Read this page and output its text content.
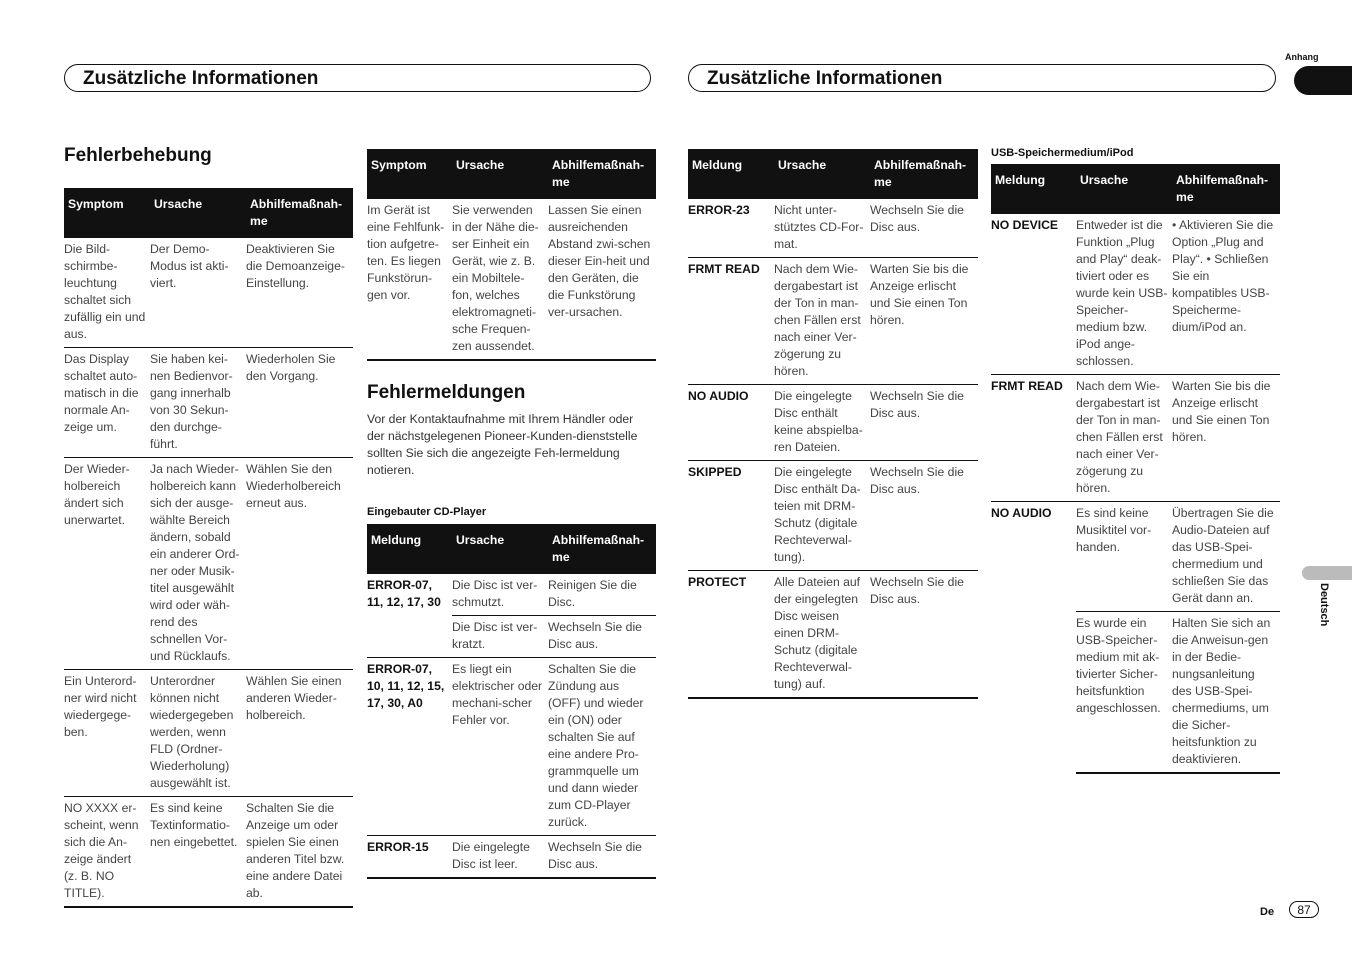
Zusätzliche Informationen	Zusätzliche Informationen
Anhang
Deutsch
Fehlerbehebung
Symptom	Ursache	Abhilfemaßnah-me
Die Bild-schirmbe-leuchtung schaltet sich zufällig ein und aus.	Der Demo-Modus ist akti-viert.	Deaktivieren Sie die Demoanzeige-Einstellung.
Das Display schaltet auto-matisch in die normale An-zeige um.	Sie haben kei-nen Bedienvor-gang innerhalb von 30 Sekun-den durchge-führt.	Wiederholen Sie den Vorgang.
Der Wieder-holbereich ändert sich unerwartet.	Ja nach Wieder-holbereich kann sich der ausge-wählte Bereich ändern, sobald ein anderer Ord-ner oder Musik-titel ausgewählt wird oder wäh-rend des schnellen Vor- und Rücklaufs.	Wählen Sie den Wiederholbereich erneut aus.
Ein Unterord-ner wird nicht wiedergege-ben.	Unterordner können nicht wiedergegeben werden, wenn FLD (Ordner-Wiederholung) ausgewählt ist.	Wählen Sie einen anderen Wieder-holbereich.
NO XXXX er-scheint, wenn sich die An-zeige ändert (z. B. NO TITLE).	Es sind keine Textinformatio-nen eingebettet.	Schalten Sie die Anzeige um oder spielen Sie einen anderen Titel bzw. eine andere Datei ab.
Symptom	Ursache	Abhilfemaßnah-me
Im Gerät ist eine Fehlfunk-tion aufgetre-ten. Es liegen Funkstörun-gen vor.	Sie verwenden in der Nähe die-ser Einheit ein Gerät, wie z. B. ein Mobiltele-fon, welches elektromagneti-sche Frequen-zen aussendet.	Lassen Sie einen ausreichenden Abstand zwi-schen dieser Ein-heit und den Geräten, die die Funkstörung ver-ursachen.
Fehlermeldungen
Vor der Kontaktaufnahme mit Ihrem Händler oder der nächstgelegenen Pioneer-Kunden-dienststelle sollten Sie sich die angezeigte Feh-lermeldung notieren.
Eingebauter CD-Player
Meldung	Ursache	Abhilfemaßnah-me
ERROR-07, 11, 12, 17, 30	Die Disc ist ver-schmutzt.	Reinigen Sie die Disc.
	Die Disc ist ver-kratzt.	Wechseln Sie die Disc aus.
ERROR-07, 10, 11, 12, 15, 17, 30, A0	Es liegt ein elektrischer oder mechani-scher Fehler vor.	Schalten Sie die Zündung aus (OFF) und wieder ein (ON) oder schalten Sie auf eine andere Pro-grammquelle um und dann wieder zum CD-Player zurück.
ERROR-15	Die eingelegte Disc ist leer.	Wechseln Sie die Disc aus.
Meldung	Ursache	Abhilfemaßnah-me
ERROR-23	Nicht unter-stütztes CD-For-mat.	Wechseln Sie die Disc aus.
FRMT READ	Nach dem Wie-dergabestart ist der Ton in man-chen Fällen erst nach einer Ver-zögerung zu hören.	Warten Sie bis die Anzeige erlischt und Sie einen Ton hören.
NO AUDIO	Die eingelegte Disc enthält keine abspielba-ren Dateien.	Wechseln Sie die Disc aus.
SKIPPED	Die eingelegte Disc enthält Da-teien mit DRM-Schutz (digitale Rechteverwal-tung).	Wechseln Sie die Disc aus.
PROTECT	Alle Dateien auf der eingelegten Disc weisen einen DRM-Schutz (digitale Rechteverwal-tung) auf.	Wechseln Sie die Disc aus.
USB-Speichermedium/iPod
Meldung	Ursache	Abhilfemaßnah-me
NO DEVICE	Entweder ist die Funktion „Plug and Play“ deak-tiviert oder es wurde kein USB-Speicher-medium bzw. iPod ange-schlossen.	• Aktivieren Sie die Option „Plug and Play“. • Schließen Sie ein kompatibles USB-Speicherme-dium/iPod an.
FRMT READ	Nach dem Wie-dergabestart ist der Ton in man-chen Fällen erst nach einer Ver-zögerung zu hören.	Warten Sie bis die Anzeige erlischt und Sie einen Ton hören.
NO AUDIO	Es sind keine Musiktitel vor-handen.	Übertragen Sie die Audio-Dateien auf das USB-Spei-chermedium und schließen Sie das Gerät dann an.
	Es wurde ein USB-Speicher-medium mit ak-tivierter Sicher-heitsfunktion angeschlossen.	Halten Sie sich an die Anweisun-gen in der Bedie-nungsanleitung des USB-Spei-chermediums, um die Sicher-heitsfunktion zu deaktivieren.
De	87
